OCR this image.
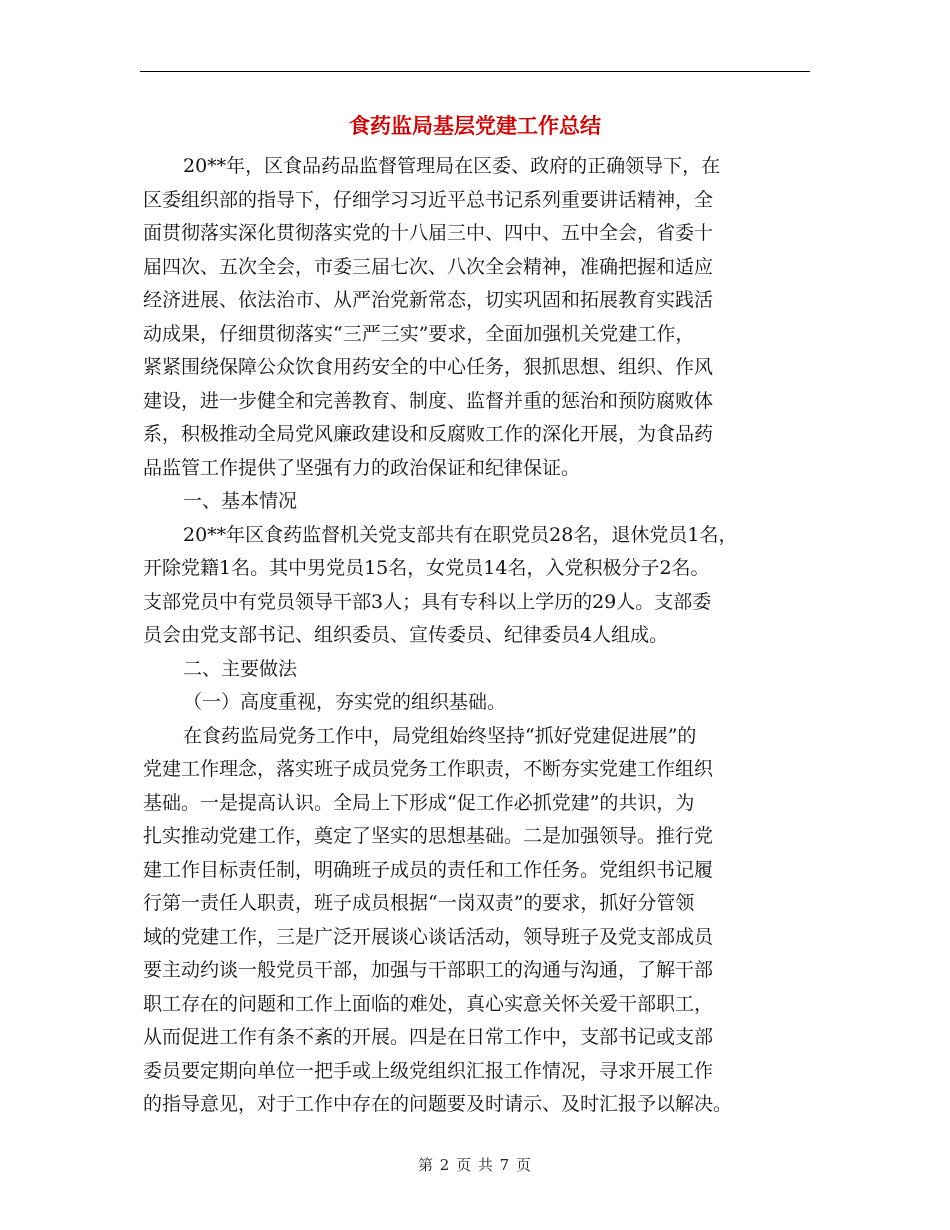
食药监局基层党建工作总结
20**年，区食品药品监督管理局在区委、政府的正确领导下，在
区委组织部的指导下，仔细学习习近平总书记系列重要讲话精神，全
面贯彻落实深化贯彻落实党的十八届三中、四中、五中全会，省委十
届四次、五次全会，市委三届七次、八次全会精神，准确把握和适应
经济进展、依法治市、从严治党新常态，切实巩固和拓展教育实践活
动成果，仔细贯彻落实“三严三实”要求，全面加强机关党建工作，
紧紧围绕保障公众饮食用药安全的中心任务，狠抓思想、组织、作风
建设，进一步健全和完善教育、制度、监督并重的惩治和预防腐败体
系，积极推动全局党风廉政建设和反腐败工作的深化开展，为食品药
品监管工作提供了坚强有力的政治保证和纪律保证。
一、基本情况
20**年区食药监督机关党支部共有在职党员28名，退休党员1名，
开除党籍1名。其中男党员15名，女党员14名，入党积极分子2名。
支部党员中有党员领导干部3人；具有专科以上学历的29人。支部委
员会由党支部书记、组织委员、宣传委员、纪律委员4人组成。
二、主要做法
（一）高度重视，夯实党的组织基础。
在食药监局党务工作中，局党组始终坚持“抓好党建促进展”的
党建工作理念，落实班子成员党务工作职责，不断夯实党建工作组织
基础。一是提高认识。全局上下形成“促工作必抓党建”的共识，为
扎实推动党建工作，奠定了坚实的思想基础。二是加强领导。推行党
建工作目标责任制，明确班子成员的责任和工作任务。党组织书记履
行第一责任人职责，班子成员根据“一岗双责”的要求，抓好分管领
域的党建工作，三是广泛开展谈心谈话活动，领导班子及党支部成员
要主动约谈一般党员干部，加强与干部职工的沟通与沟通，了解干部
职工存在的问题和工作上面临的难处，真心实意关怀关爱干部职工，
从而促进工作有条不紊的开展。四是在日常工作中，支部书记或支部
委员要定期向单位一把手或上级党组织汇报工作情况，寻求开展工作
的指导意见，对于工作中存在的问题要及时请示、及时汇报予以解决。
第 2 页 共 7 页
